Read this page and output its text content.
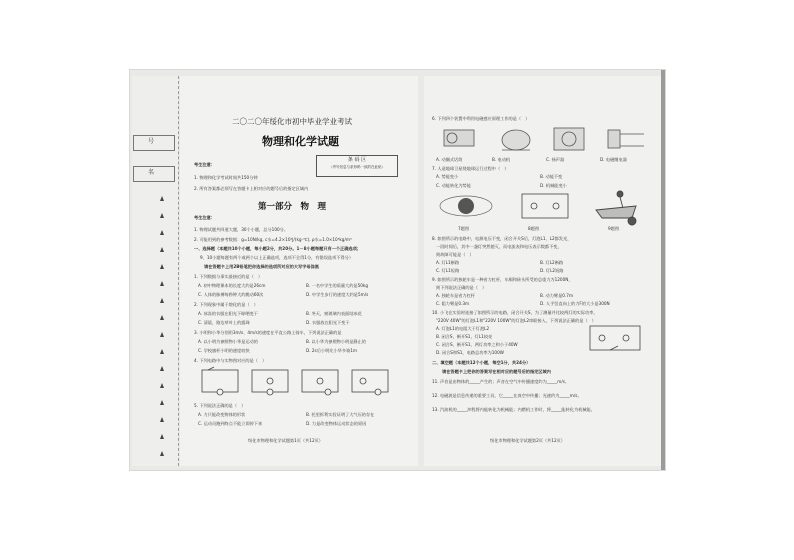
号
名
二〇二〇年绥化市初中毕业学业考试
物理和化学试题
条 码 区
（考号信息与条形码一致的在此贴）
考生注意：
1. 物理和化学考试时间共150分钟
2. 所有答案都必须写在答题卡上相对应的题号后的指定区域内
第一部分　物　理
考生注意：
1. 物理试题共四道大题，30个小题，总分100分。
2. 可能用到的参考数据：g=10N/kg, c水=4.2×10³J/(kg·℃), ρ水=1.0×10³kg/m³
一、选择题（本题共10个小题，每小题2分，共20分。1－8小题每题只有一个正确选项；
9、10小题每题有两个或两个以上正确选项，选项不全得1分，有错误选项不得分）
请在答题卡上用2B铅笔把你选择的选项所对应的大写字母涂黑
1. 下列数据与事实最接近的是（　）
A. 初中物理课本的长度大约是26cm	B. 一名中学生的质量大约是50kg
C. 人体的脉搏每秒钟大约跳动60次	D. 中学生步行的速度大约是5m/s
2. 下列现象中属于熔化的是（　）
A. 冰冻的衣服在阳光下晾晒变干	B. 冬天，窗玻璃内表面结冰花
C. 清晨，路边草叶上的露珠	D. 衣服放在阳光下变干
3. 小明和小华分别用3m/s、4m/s的速度在平直公路上骑车，下列说法正确的是
A. 以小明为参照物小华是运动的	B. 以小华为参照物小明是静止的
C. 学校旗杆小明的速度较快	D. 2s后小明比小华多骑1m
4. 下列电路中与实物图对应的是（　）
5. 下列说法正确的是（　）
A. 力只能改变物体的形状	B. 托里拆利实验证明了大气压的存在
C. 运动员跑到终点不能立即停下来	D. 力是改变物体运动状态的原因
绥化市物理和化学试题第1页（共12页）
6. 下列四个装置中利用电磁感应原理工作的是（　）
A. 动圈式话筒	B. 电动机	C. 扬声器	D. 电磁继电器
7. 人造地球卫星绕地球运行过程中（　）
A. 势能变小	B. 动能不变
C. 动能转化为势能	D. 机械能变小
7题图	8题图	9题图
8. 如图所示的电路中，电源电压不变，闭合开关S后，灯泡L1、L2都发光，
一段时间后，其中一盏灯突然熄灭，而电流表和电压表示数都不变，
则故障可能是（　）
A. 灯L1断路	B. 灯L2断路
C. 灯L1短路	D. 灯L2短路
9. 如图所示的独轮车是一种省力杠杆，车厢和砖头所受的总重力为1200N，
则下列说法正确的是（　）
A. 独轮车是省力杠杆	B. 动力臂是0.7m
C. 阻力臂是0.3m	D. 人手竖直向上的力F的大小是300N
10. 小飞在实验时连接了如图所示的电路，闭合开关S，为了测量并比较两灯的实际功率，
"220V 40W"的灯泡L1和"220V 100W"的灯泡L2串联接入，下列说法正确的是（　）
A. 灯泡L1的电阻大于灯泡L2
B. 闭合S，断开S1，灯L1较亮
C. 闭合S、断开S1，两灯功率之和小于40W
D. 闭合S和S1，电路总功率为100W
二、填空题（本题共12个小题，每空1分，共24分）
请在答题卡上把你的答案写在相对应的题号后的指定区域内
11. 声音是由物体的_____产生的；声音在空气中传播速度约为_____m/s。
12. 电磁波是信息传递的重要工具，它_____在真空中传播；光速约为_____m/s。
13. 汽油机的_____冲程将内能转化为机械能；内燃机工作时，将_____能转化为机械能。
绥化市物理和化学试题第2页（共12页）
